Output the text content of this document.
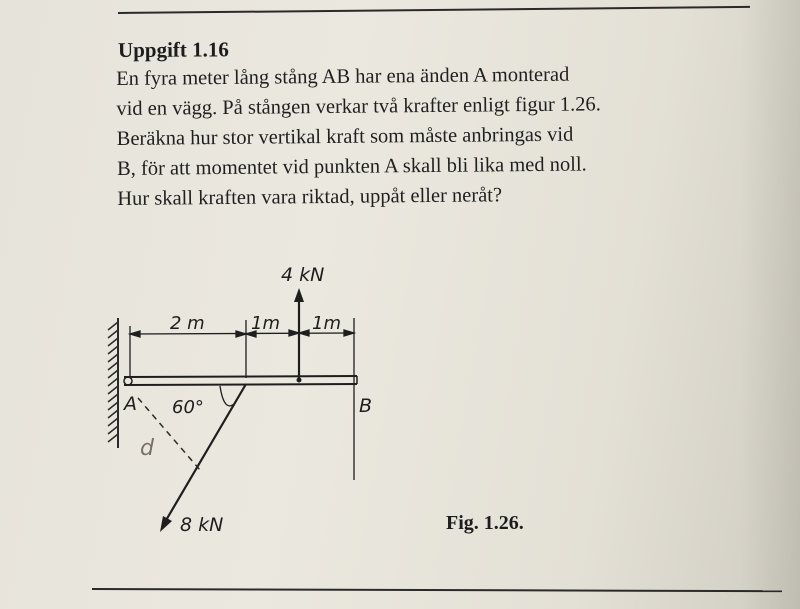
Uppgift 1.16
En fyra meter lång stång AB har ena änden A monterad
vid en vägg. På stången verkar två krafter enligt figur 1.26.
Beräkna hur stor vertikal kraft som måste anbringas vid
B, för att momentet vid punkten A skall bli lika med noll.
Hur skall kraften vara riktad, uppåt eller neråt?
4 kN
2 m	1m 1m
A	B
60°
d
8 kN	Fig. 1.26.
